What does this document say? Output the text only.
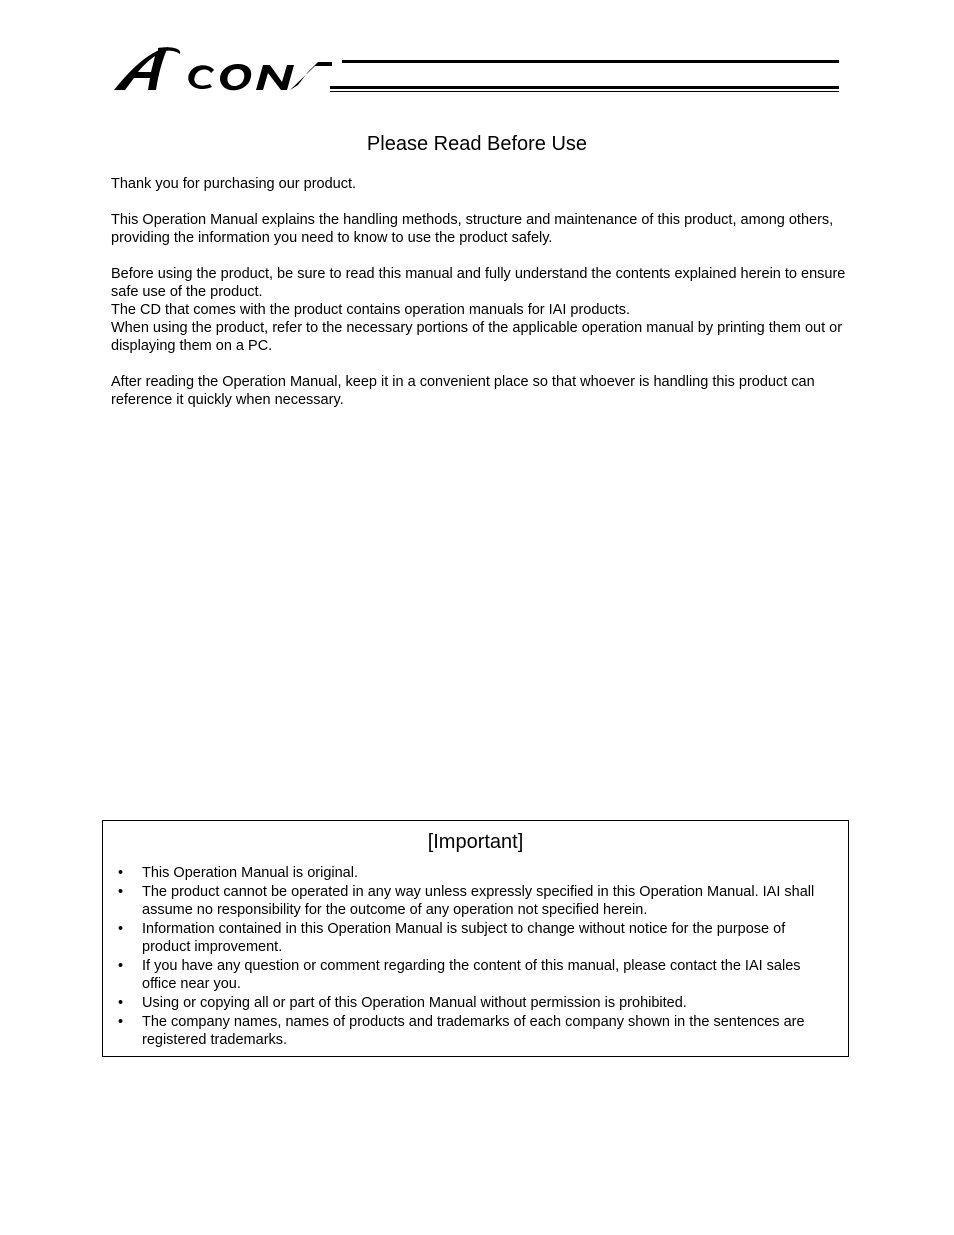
Please Read Before Use

Thank you for purchasing our product.

This Operation Manual explains the handling methods, structure and maintenance of this product, among others, providing the information you need to know to use the product safely.

Before using the product, be sure to read this manual and fully understand the contents explained herein to ensure safe use of the product.

The CD that comes with the product contains operation manuals for IAI products.

When using the product, refer to the necessary portions of the applicable operation manual by printing them out or displaying them on a PC.

After reading the Operation Manual, keep it in a convenient place so that whoever is handling this product can reference it quickly when necessary.

[Important]
• This Operation Manual is original.
• The product cannot be operated in any way unless expressly specified in this Operation Manual. IAI shall assume no responsibility for the outcome of any operation not specified herein.
• Information contained in this Operation Manual is subject to change without notice for the purpose of product improvement.
• If you have any question or comment regarding the content of this manual, please contact the IAI sales office near you.
• Using or copying all or part of this Operation Manual without permission is prohibited.
• The company names, names of products and trademarks of each company shown in the sentences are registered trademarks.
